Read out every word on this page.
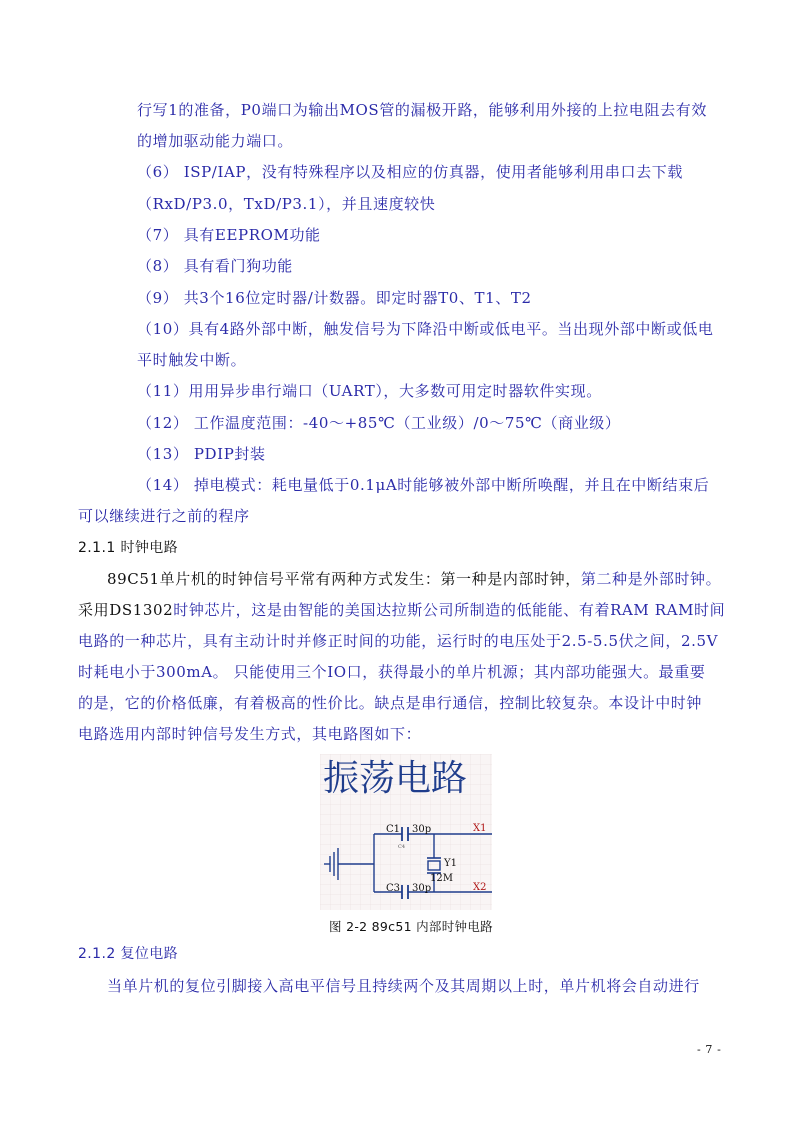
行写1的准备，P0端口为输出MOS管的漏极开路，能够利用外接的上拉电阻去有效
的增加驱动能力端口。
（6） ISP/IAP，没有特殊程序以及相应的仿真器，使用者能够利用串口去下载
（RxD/P3.0，TxD/P3.1），并且速度较快
（7） 具有EEPROM功能
（8） 具有看门狗功能
（9） 共3个16位定时器/计数器。即定时器T0、T1、T2
（10）具有4路外部中断，触发信号为下降沿中断或低电平。当出现外部中断或低电
平时触发中断。
（11）用用异步串行端口（UART），大多数可用定时器软件实现。
（12） 工作温度范围：-40～+85℃（工业级）/0～75℃（商业级）
（13） PDIP封装
（14） 掉电模式：耗电量低于0.1μA时能够被外部中断所唤醒，并且在中断结束后
可以继续进行之前的程序
2.1.1 时钟电路
89C51单片机的时钟信号平常有两种方式发生：第一种是内部时钟，第二种是外部时钟。
采用DS1302时钟芯片，这是由智能的美国达拉斯公司所制造的低能能、有着RAM RAM时间
电路的一种芯片，具有主动计时并修正时间的功能，运行时的电压处于2.5-5.5伏之间，2.5V
时耗电小于300mA。 只能使用三个IO口，获得最小的单片机源；其内部功能强大。最重要
的是，它的价格低廉，有着极高的性价比。缺点是串行通信，控制比较复杂。本设计中时钟
电路选用内部时钟信号发生方式，其电路图如下：
振荡电路
C1 30p	X1
C4
Y1
12M
C3 30p	X2
图 2-2 89c51 内部时钟电路
2.1.2 复位电路
当单片机的复位引脚接入高电平信号且持续两个及其周期以上时，单片机将会自动进行
- 7 -
